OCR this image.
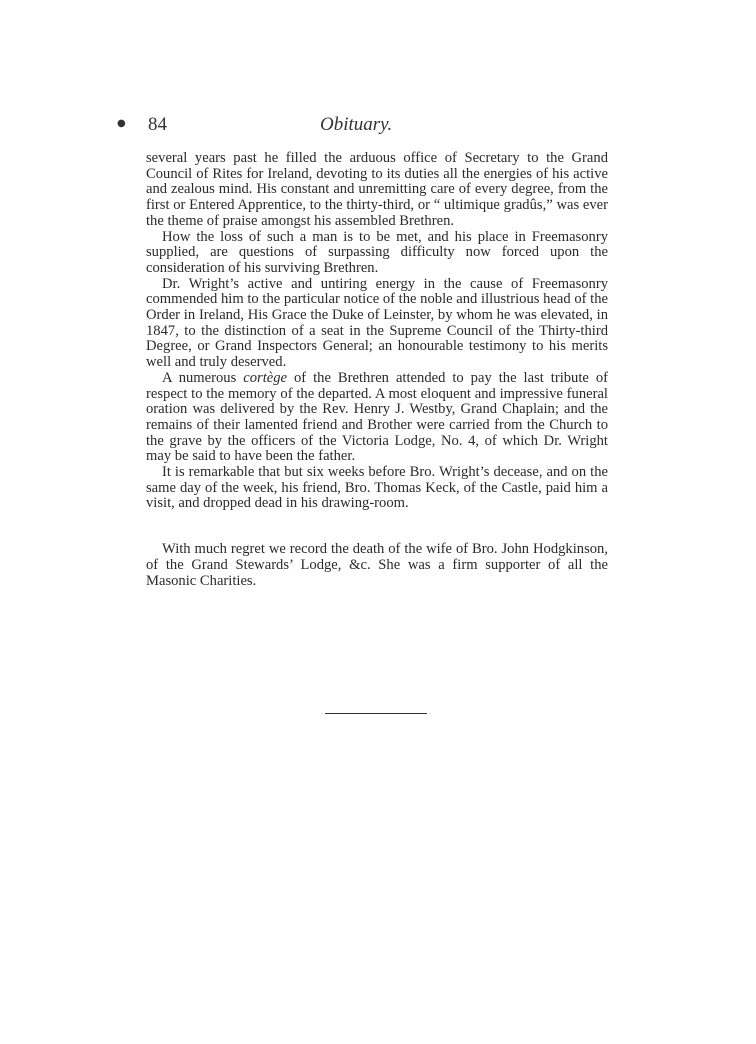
● 84	Obituary.

several years past he filled the arduous office of Secretary to the Grand Council of Rites for Ireland, devoting to its duties all the energies of his active and zealous mind. His constant and unremitting care of every degree, from the first or Entered Apprentice, to the thirty-third, or “ ultimique gradûs,” was ever the theme of praise amongst his assembled Brethren.

How the loss of such a man is to be met, and his place in Freemasonry supplied, are questions of surpassing difficulty now forced upon the consideration of his surviving Brethren.

Dr. Wright’s active and untiring energy in the cause of Freemasonry commended him to the particular notice of the noble and illustrious head of the Order in Ireland, His Grace the Duke of Leinster, by whom he was elevated, in 1847, to the distinction of a seat in the Supreme Council of the Thirty-third Degree, or Grand Inspectors General; an honourable testimony to his merits well and truly deserved.

A numerous cortège of the Brethren attended to pay the last tribute of respect to the memory of the departed. A most eloquent and impressive funeral oration was delivered by the Rev. Henry J. Westby, Grand Chaplain; and the remains of their lamented friend and Brother were carried from the Church to the grave by the officers of the Victoria Lodge, No. 4, of which Dr. Wright may be said to have been the father.

It is remarkable that but six weeks before Bro. Wright’s decease, and on the same day of the week, his friend, Bro. Thomas Keck, of the Castle, paid him a visit, and dropped dead in his drawing-room.

With much regret we record the death of the wife of Bro. John Hodgkinson, of the Grand Stewards’ Lodge, &c. She was a firm supporter of all the Masonic Charities.
